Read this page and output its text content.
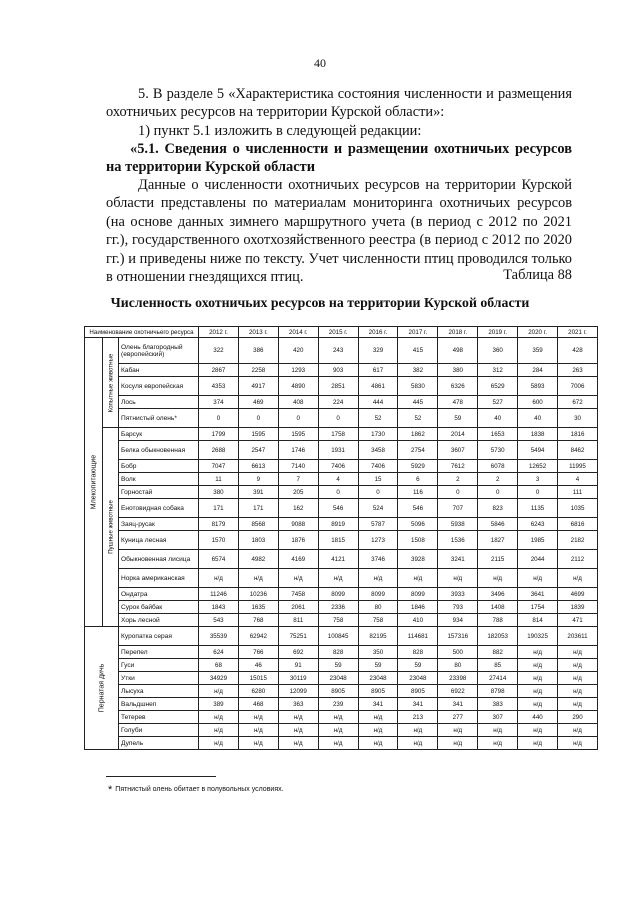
40

5. В разделе 5 «Характеристика состояния численности и размещения охотничьих ресурсов на территории Курской области»:

1) пункт 5.1 изложить в следующей редакции:

«5.1. Сведения о численности и размещении охотничьих ресурсов на территории Курской области

Данные о численности охотничьих ресурсов на территории Курской области представлены по материалам мониторинга охотничьих ресурсов (на основе данных зимнего маршрутного учета (в период с 2012 по 2021 гг.), государственного охотхозяйственного реестра (в период с 2012 по 2020 гг.) и приведены ниже по тексту. Учет численности птиц проводился только в отношении гнездящихся птиц.	Таблица 88
Численность охотничьих ресурсов на территории Курской области
Наименование охотничьего ресурса			2012 г.	2013 г.	2014 г.	2015 г.	2016 г.	2017 г.	2018 г.	2019 г.	2020 г.	2021 г.

Млекопитающие	Копытные животные	Олень благородный (европейский)	322	386	420	243	329	415	498	360	359	428
		Кабан	2867	2258	1293	903	617	382	380	312	284	263
		Косуля европейская	4353	4917	4890	2851	4861	5830	6326	6529	5893	7006
		Лось	374	469	408	224	444	445	478	527	600	672
		Пятнистый олень*	0	0	0	0	52	52	59	40	40	30

	Пушные животные	Барсук	1799	1595	1595	1758	1730	1862	2014	1653	1838	1816
		Белка обыкновенная	2688	2547	1746	1931	3458	2754	3607	5730	5494	8462
		Бобр	7047	6613	7140	7406	7406	5929	7612	6078	12652	11995
		Волк	11	9	7	4	15	6	2	2	3	4
		Горностай	380	391	205	0	0	116	0	0	0	111
		Енотовидная собака	171	171	162	546	524	546	707	823	1135	1035
		Заяц-русак	8179	8568	9088	8919	5787	5096	5938	5846	6243	6816
		Куница лесная	1570	1803	1876	1815	1273	1508	1536	1827	1985	2182
		Обыкновенная лисица	6574	4982	4169	4121	3746	3928	3241	2115	2044	2112
		Норка американская	н/д	н/д	н/д	н/д	н/д	н/д	н/д	н/д	н/д	н/д
		Ондатра	11246	10236	7458	8099	8099	8099	3933	3496	3641	4699
		Сурок байбак	1843	1635	2061	2336	80	1846	793	1408	1754	1839
		Хорь лесной	543	768	811	758	758	410	934	788	814	471

Пернатая дичь		Куропатка серая	35539	62942	75251	100845	82195	114681	157316	182053	190325	203611
		Перепел	624	766	692	828	350	828	500	882	н/д	н/д
		Гуси	68	46	91	59	59	59	80	85	н/д	н/д
		Утки	34929	15015	30119	23048	23048	23048	23398	27414	н/д	н/д
		Лысуха	н/д	6280	12099	8905	8905	8905	6922	8798	н/д	н/д
		Вальдшнеп	389	468	363	239	341	341	341	383	н/д	н/д
		Тетерев	н/д	н/д	н/д	н/д	н/д	213	277	307	440	290
		Голуби	н/д	н/д	н/д	н/д	н/д	н/д	н/д	н/д	н/д	н/д
		Дупель	н/д	н/д	н/д	н/д	н/д	н/д	н/д	н/д	н/д	н/д
* Пятнистый олень обитает в полувольных условиях.
